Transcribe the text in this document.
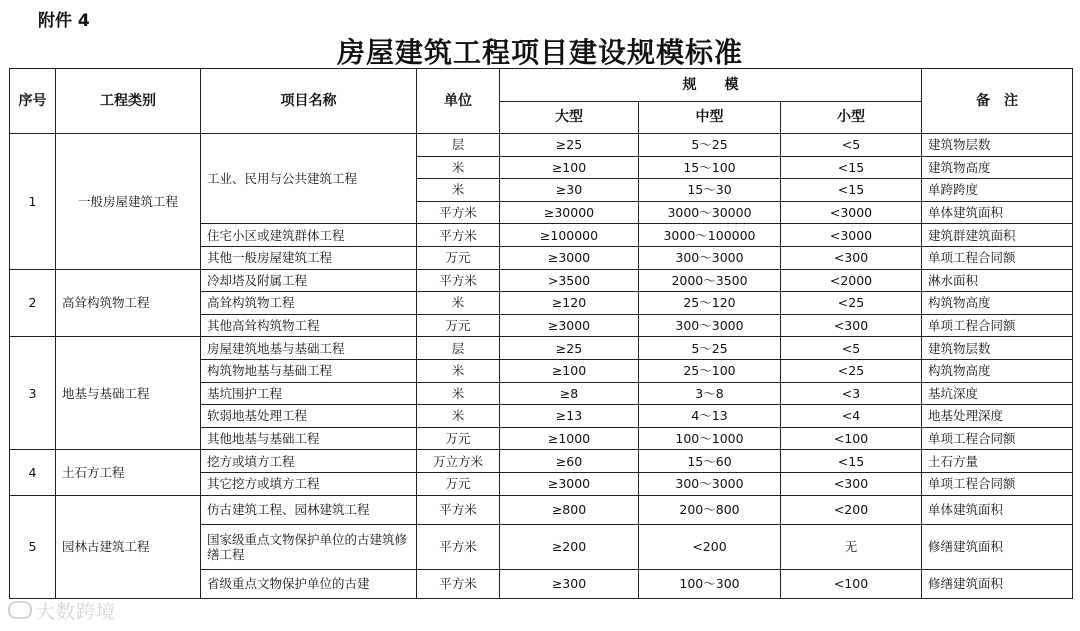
附件 4
房屋建筑工程项目建设规模标准
序号	工程类别	项目名称	单位	规　　模			备　注
				大型	中型	小型	
1	一般房屋建筑工程	工业、民用与公共建筑工程	层	≥25	5～25	<5	建筑物层数
			米	≥100	15～100	<15	建筑物高度
			米	≥30	15～30	<15	单跨跨度
			平方米	≥30000	3000～30000	<3000	单体建筑面积
		住宅小区或建筑群体工程	平方米	≥100000	3000～100000	<3000	建筑群建筑面积
		其他一般房屋建筑工程	万元	≥3000	300～3000	<300	单项工程合同额
2	高耸构筑物工程	冷却塔及附属工程	平方米	>3500	2000～3500	<2000	淋水面积
		高耸构筑物工程	米	≥120	25～120	<25	构筑物高度
		其他高耸构筑物工程	万元	≥3000	300～3000	<300	单项工程合同额
3	地基与基础工程	房屋建筑地基与基础工程	层	≥25	5～25	<5	建筑物层数
		构筑物地基与基础工程	米	≥100	25～100	<25	构筑物高度
		基坑围护工程	米	≥8	3～8	<3	基坑深度
		软弱地基处理工程	米	≥13	4～13	<4	地基处理深度
		其他地基与基础工程	万元	≥1000	100～1000	<100	单项工程合同额
4	土石方工程	挖方或填方工程	万立方米	≥60	15～60	<15	土石方量
		其它挖方或填方工程	万元	≥3000	300～3000	<300	单项工程合同额
5	园林古建筑工程	仿古建筑工程、园林建筑工程	平方米	≥800	200～800	<200	单体建筑面积
		国家级重点文物保护单位的古建筑修缮工程	平方米	≥200	<200	无	修缮建筑面积
		省级重点文物保护单位的古建	平方米	≥300	100～300	<100	修缮建筑面积
大数跨境
